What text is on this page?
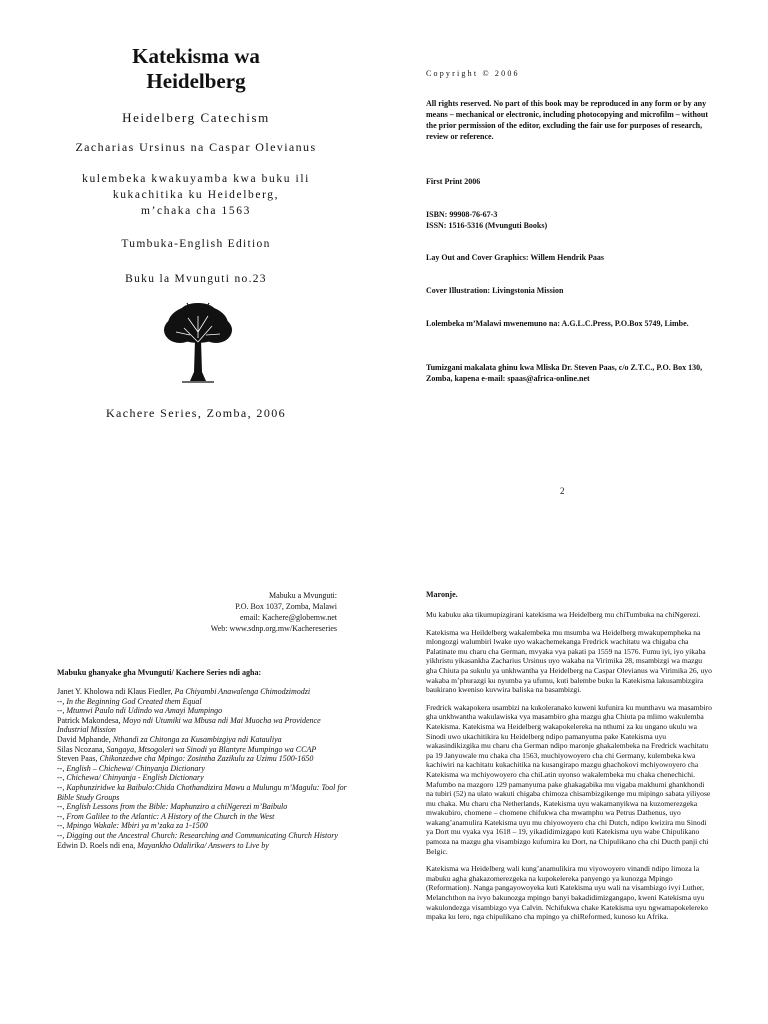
Katekisma wa
Heidelberg
Heidelberg Catechism
Zacharias Ursinus na Caspar Olevianus
kulembeka kwakuyamba kwa buku ili
kukachitika ku Heidelberg,
m’chaka cha 1563
Tumbuka-English Edition
Buku la Mvunguti no.23
Kachere Series, Zomba, 2006
Copyright © 2006
All rights reserved. No part of this book may be reproduced in any form or by any means – mechanical or electronic, including photocopying and microfilm – without the prior permission of the editor, excluding the fair use for purposes of research, review or reference.
First Print 2006
ISBN: 99908-76-67-3
ISSN: 1516-5316 (Mvunguti Books)
Lay Out and Cover Graphics: Willem Hendrik Paas
Cover Illustration: Livingstonia Mission
Lolembeka m’Malawi mwenemuno na: A.G.L.C.Press, P.O.Box 5749, Limbe.
Tumizgani makalata ghinu kwa Mliska Dr. Steven Paas, c/o Z.T.C., P.O. Box 130, Zomba, kapena e-mail: spaas@africa-online.net
2
Mabuku a Mvunguti:
P.O. Box 1037, Zomba, Malawi
email: Kachere@globemw.net
Web: www.sdnp.org.mw/Kachereseries
Mabuku ghanyake gha Mvunguti/ Kachere Series ndi agha:
Janet Y. Kholowa ndi Klaus Fiedler, Pa Chiyambi Anawalenga Chimodzimodzi
--, In the Beginning God Created them Equal
--, Mtumwi Paulo ndi Udindo wa Amayi Mumpingo
Patrick Makondesa, Moyo ndi Utumiki wa Mbusa ndi Mai Muocha wa Providence Industrial Mission
David Mphande, Nthandi za Chitonga za Kusambizgiya ndi Katauliya
Silas Ncozana, Sangaya, Mtsogoleri wa Sinodi ya Blantyre Mumpingo wa CCAP
Steven Paas, Chikonzedwe cha Mpingo: Zosintha Zazikulu za Uzimu 1500-1650
--, English – Chichewa/ Chinyanja Dictionary
--, Chichewa/ Chinyanja - English Dictionary
--, Kaphunziridwe ka Baibulo:Chida Chothandizira Mawu a Mulungu m’Magulu: Tool for Bible Study Groups
--, English Lessons from the Bible: Maphunziro a chiNgerezi m’Baibulo
--, From Galilee to the Atlantic: A History of the Church in the West
--, Mpingo Wakale: Mbiri ya m’zaka za 1-1500
--, Digging out the Ancestral Church: Researching and Communicating Church History
Edwin D. Roels ndi ena, Mayankho Odalirika/ Answers to Live by
Maronje.

Mu kabuku aka tikumupizgirani katekisma wa Heidelberg mu chiTumbuka na chiNgerezi.

Katekisma wa Heildelberg wakalembeka mu msumba wa Heidelberg mwakupempheka na mlongozgi walumbiri lwake uyo wakachemekanga Fredrick wachitatu wa chigaba cha Palatinate mu charu cha German, mvyaka vya pakati pa 1559 na 1576. Fumu iyi, iyo yikaba yikhristu yikasankha Zacharius Ursinus uyo wakaba na Virimika 28, msambizgi wa mazgu gha Chiuta pa sukulu ya unkhwantha ya Heidelberg na Caspar Olevianus wa Virimika 26, uyo wakaba m’phurazgi ku nyumba ya ufumu, kuti balembe buku la Katekisma lakusambizgira baukirano kweniso kuvwira baliska na basambizgi.

Fredrick wakapokera usambizi na kukoleranako kuweni kufunira ku munthavu wa masambiro gha unkhwantha wakulawiska vya masambiro gha mazgu gha Chiuta pa mlimo wakulemba Katekisma. Katekisma wa Heidelberg wakapokelereka na nthumi za ku ungano ukulu wa Sinodi uwo ukachitikira ku Heidelberg ndipo pamanyuma pake Katekisma uyu wakasindikizgika mu charu cha German ndipo maronje ghakalembeka na Fredrick wachitatu pa 19 Janyuwale mu chaka cha 1563, muchiyowoyero cha chi Germany, kulembeka kwa kachiwiri na kachitatu kukachitika na kusangirapo mazgu ghachokovi mchiyowoyero cha Katekisma wa mchiyowoyero cha chiLatin uyonso wakalembeka mu chaka chenechichi.

Mafumbo na mazgoro 129 pamanyuma pake ghakagabika mu vigaba makhumi ghankhondi na tubiri (52) na ulato wakuti chigaba chimoza chisambizgikenge mu mipingo sabata yiliyose mu chaka. Mu charu cha Netherlands, Katekisma uyu wakamanyikwa na kuzomerezgeka mwakubiro, chomene – chomene chifukwa cha mwamphu wa Petrus Dathenus, uyo wakang’anamulira Katekisma uyu mu chiyowoyero cha chi Dutch, ndipo kwizira mu Sinodi ya Dort mu vyaka vya 1618 – 19, yikadidimizgapo kuti Katekisma uyu wabe Chipulikano pamoza na mazgu gha visambizgo kufumira ku Dort, na Chipulikano cha chi Ducth panji chi Belgic.

Katekisma wa Heidelberg wali kung’anamulikira mu viyowoyero vinandi ndipo limoza la mabuku agha ghakazomerezgeka na kupokelereka panyengo ya kunozga Mpingo (Reformation). Nanga pangayowoyeka kuti Katekisma uyu wali na visambizgo ivyi Luther, Melanchthon na ivyo bakunozga mpingo banyi bakadidimizgangapo, kweni Katekisma uyu wakulondezga visambizgo vya Calvin. Nchifukwa chake Katekisma uyu ngwamapokelereko mpaka ku lero, nga chipulikano cha mpingo ya chiReformed, kunoso ku Afrika.
